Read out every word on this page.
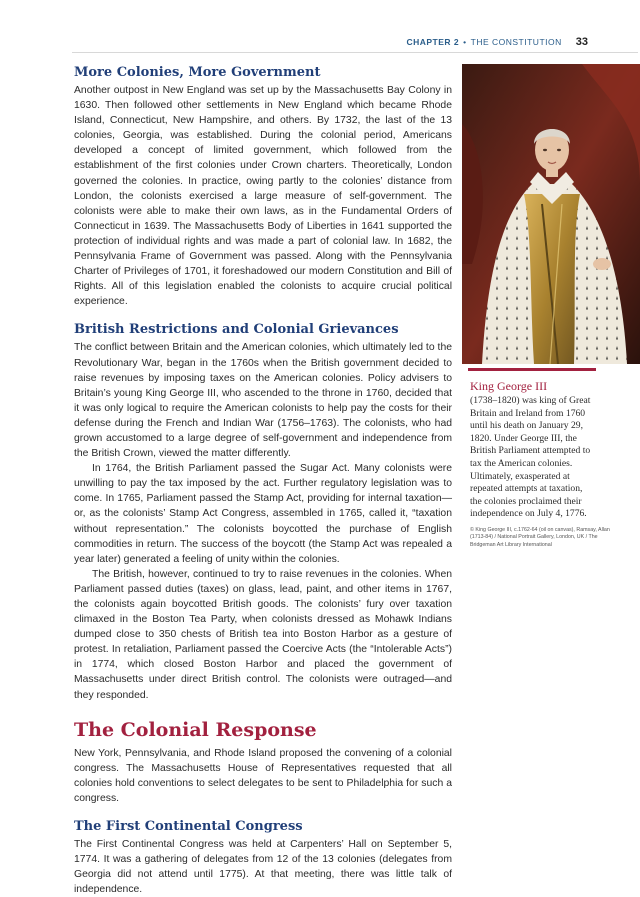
CHAPTER 2 • THE CONSTITUTION 33
More Colonies, More Government

Another outpost in New England was set up by the Massachusetts Bay Colony in 1630. Then followed other settlements in New England which became Rhode Island, Connecticut, New Hampshire, and others. By 1732, the last of the 13 colonies, Georgia, was established. During the colonial period, Americans developed a concept of limited government, which followed from the establishment of the first colonies under Crown charters. Theoretically, London governed the colonies. In practice, owing partly to the colonies’ distance from London, the colonists exercised a large measure of self-government. The colonists were able to make their own laws, as in the Fundamental Orders of Connecticut in 1639. The Massachusetts Body of Liberties in 1641 supported the protection of individual rights and was made a part of colonial law. In 1682, the Pennsylvania Frame of Government was passed. Along with the Pennsylvania Charter of Privileges of 1701, it foreshadowed our modern Constitution and Bill of Rights. All of this legislation enabled the colonists to acquire crucial political experience.

British Restrictions and Colonial Grievances

The conflict between Britain and the American colonies, which ultimately led to the Revolutionary War, began in the 1760s when the British government decided to raise revenues by imposing taxes on the American colonies. Policy advisers to Britain’s young King George III, who ascended to the throne in 1760, decided that it was only logical to require the American colonists to help pay the costs for their defense during the French and Indian War (1756–1763). The colonists, who had grown accustomed to a large degree of self-government and independence from the British Crown, viewed the matter differently.

In 1764, the British Parliament passed the Sugar Act. Many colonists were unwilling to pay the tax imposed by the act. Further regulatory legislation was to come. In 1765, Parliament passed the Stamp Act, providing for internal taxation—or, as the colonists’ Stamp Act Congress, assembled in 1765, called it, “taxation without representation.” The colonists boycotted the purchase of English commodities in return. The success of the boycott (the Stamp Act was repealed a year later) generated a feeling of unity within the colonies.

The British, however, continued to try to raise revenues in the colonies. When Parliament passed duties (taxes) on glass, lead, paint, and other items in 1767, the colonists again boycotted British goods. The colonists’ fury over taxation climaxed in the Boston Tea Party, when colonists dressed as Mohawk Indians dumped close to 350 chests of British tea into Boston Harbor as a gesture of protest. In retaliation, Parliament passed the Coercive Acts (the “Intolerable Acts”) in 1774, which closed Boston Harbor and placed the government of Massachusetts under direct British control. The colonists were outraged—and they responded.

The Colonial Response

New York, Pennsylvania, and Rhode Island proposed the convening of a colonial congress. The Massachusetts House of Representatives requested that all colonies hold conventions to select delegates to be sent to Philadelphia for such a congress.

The First Continental Congress

The First Continental Congress was held at Carpenters’ Hall on September 5, 1774. It was a gathering of delegates from 12 of the 13 colonies (delegates from Georgia did not attend until 1775). At that meeting, there was little talk of independence.

King George III
(1738–1820) was king of Great Britain and Ireland from 1760 until his death on January 29, 1820. Under George III, the British Parliament attempted to tax the American colonies. Ultimately, exasperated at repeated attempts at taxation, the colonies proclaimed their independence on July 4, 1776.
© King George III, c.1762-64 (oil on canvas), Ramsay, Allan (1713-84) / National Portrait Gallery, London, UK / The Bridgeman Art Library International
